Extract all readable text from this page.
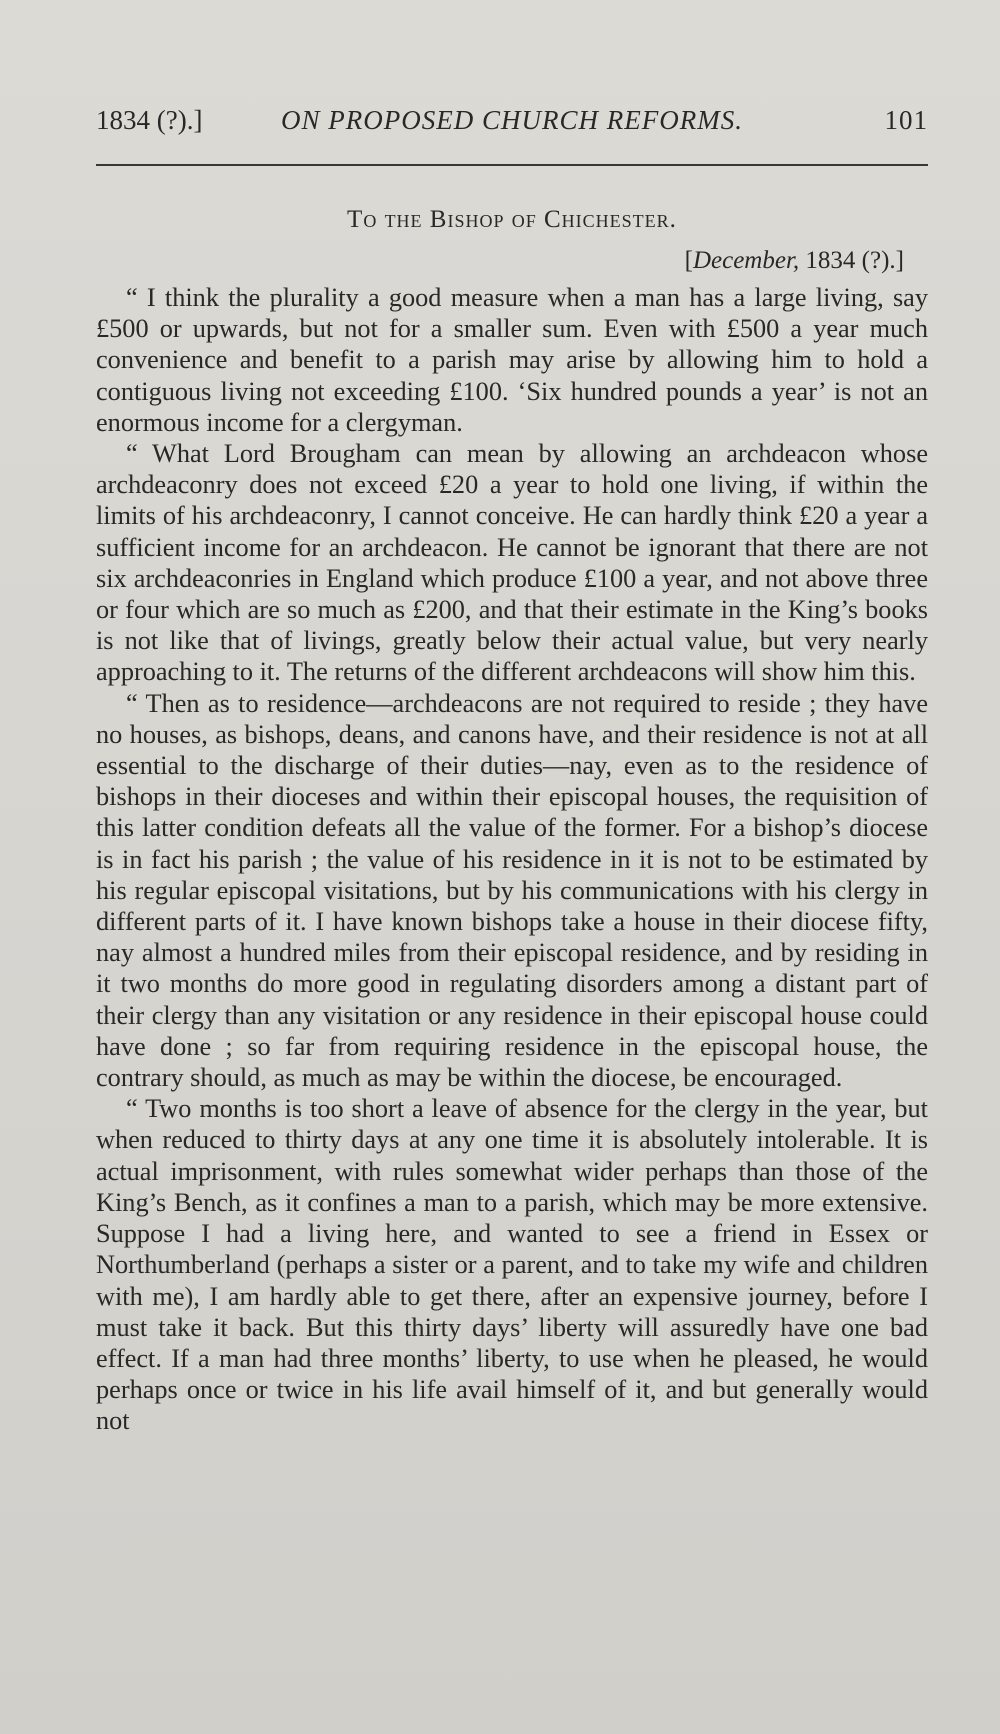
1834 (?).]	ON PROPOSED CHURCH REFORMS.	101
To the Bishop of Chichester.
[December, 1834 (?).]

“ I think the plurality a good measure when a man has a large living, say £500 or upwards, but not for a smaller sum. Even with £500 a year much convenience and benefit to a parish may arise by allowing him to hold a contiguous living not exceeding £100. ‘Six hundred pounds a year’ is not an enormous income for a clergyman.

“ What Lord Brougham can mean by allowing an archdeacon whose archdeaconry does not exceed £20 a year to hold one living, if within the limits of his archdeaconry, I cannot conceive. He can hardly think £20 a year a sufficient income for an archdeacon. He cannot be ignorant that there are not six archdeaconries in England which produce £100 a year, and not above three or four which are so much as £200, and that their estimate in the King’s books is not like that of livings, greatly below their actual value, but very nearly approaching to it. The returns of the different archdeacons will show him this.

“ Then as to residence—archdeacons are not required to reside ; they have no houses, as bishops, deans, and canons have, and their residence is not at all essential to the discharge of their duties—nay, even as to the residence of bishops in their dioceses and within their episcopal houses, the requisition of this latter condition defeats all the value of the former. For a bishop’s diocese is in fact his parish ; the value of his residence in it is not to be estimated by his regular episcopal visitations, but by his communications with his clergy in different parts of it. I have known bishops take a house in their diocese fifty, nay almost a hundred miles from their episcopal residence, and by residing in it two months do more good in regulating disorders among a distant part of their clergy than any visitation or any residence in their episcopal house could have done ; so far from requiring residence in the episcopal house, the contrary should, as much as may be within the diocese, be encouraged.

“ Two months is too short a leave of absence for the clergy in the year, but when reduced to thirty days at any one time it is absolutely intolerable. It is actual imprisonment, with rules somewhat wider perhaps than those of the King’s Bench, as it confines a man to a parish, which may be more extensive. Suppose I had a living here, and wanted to see a friend in Essex or Northumberland (perhaps a sister or a parent, and to take my wife and children with me), I am hardly able to get there, after an expensive journey, before I must take it back. But this thirty days’ liberty will assuredly have one bad effect. If a man had three months’ liberty, to use when he pleased, he would perhaps once or twice in his life avail himself of it, and but generally would not
